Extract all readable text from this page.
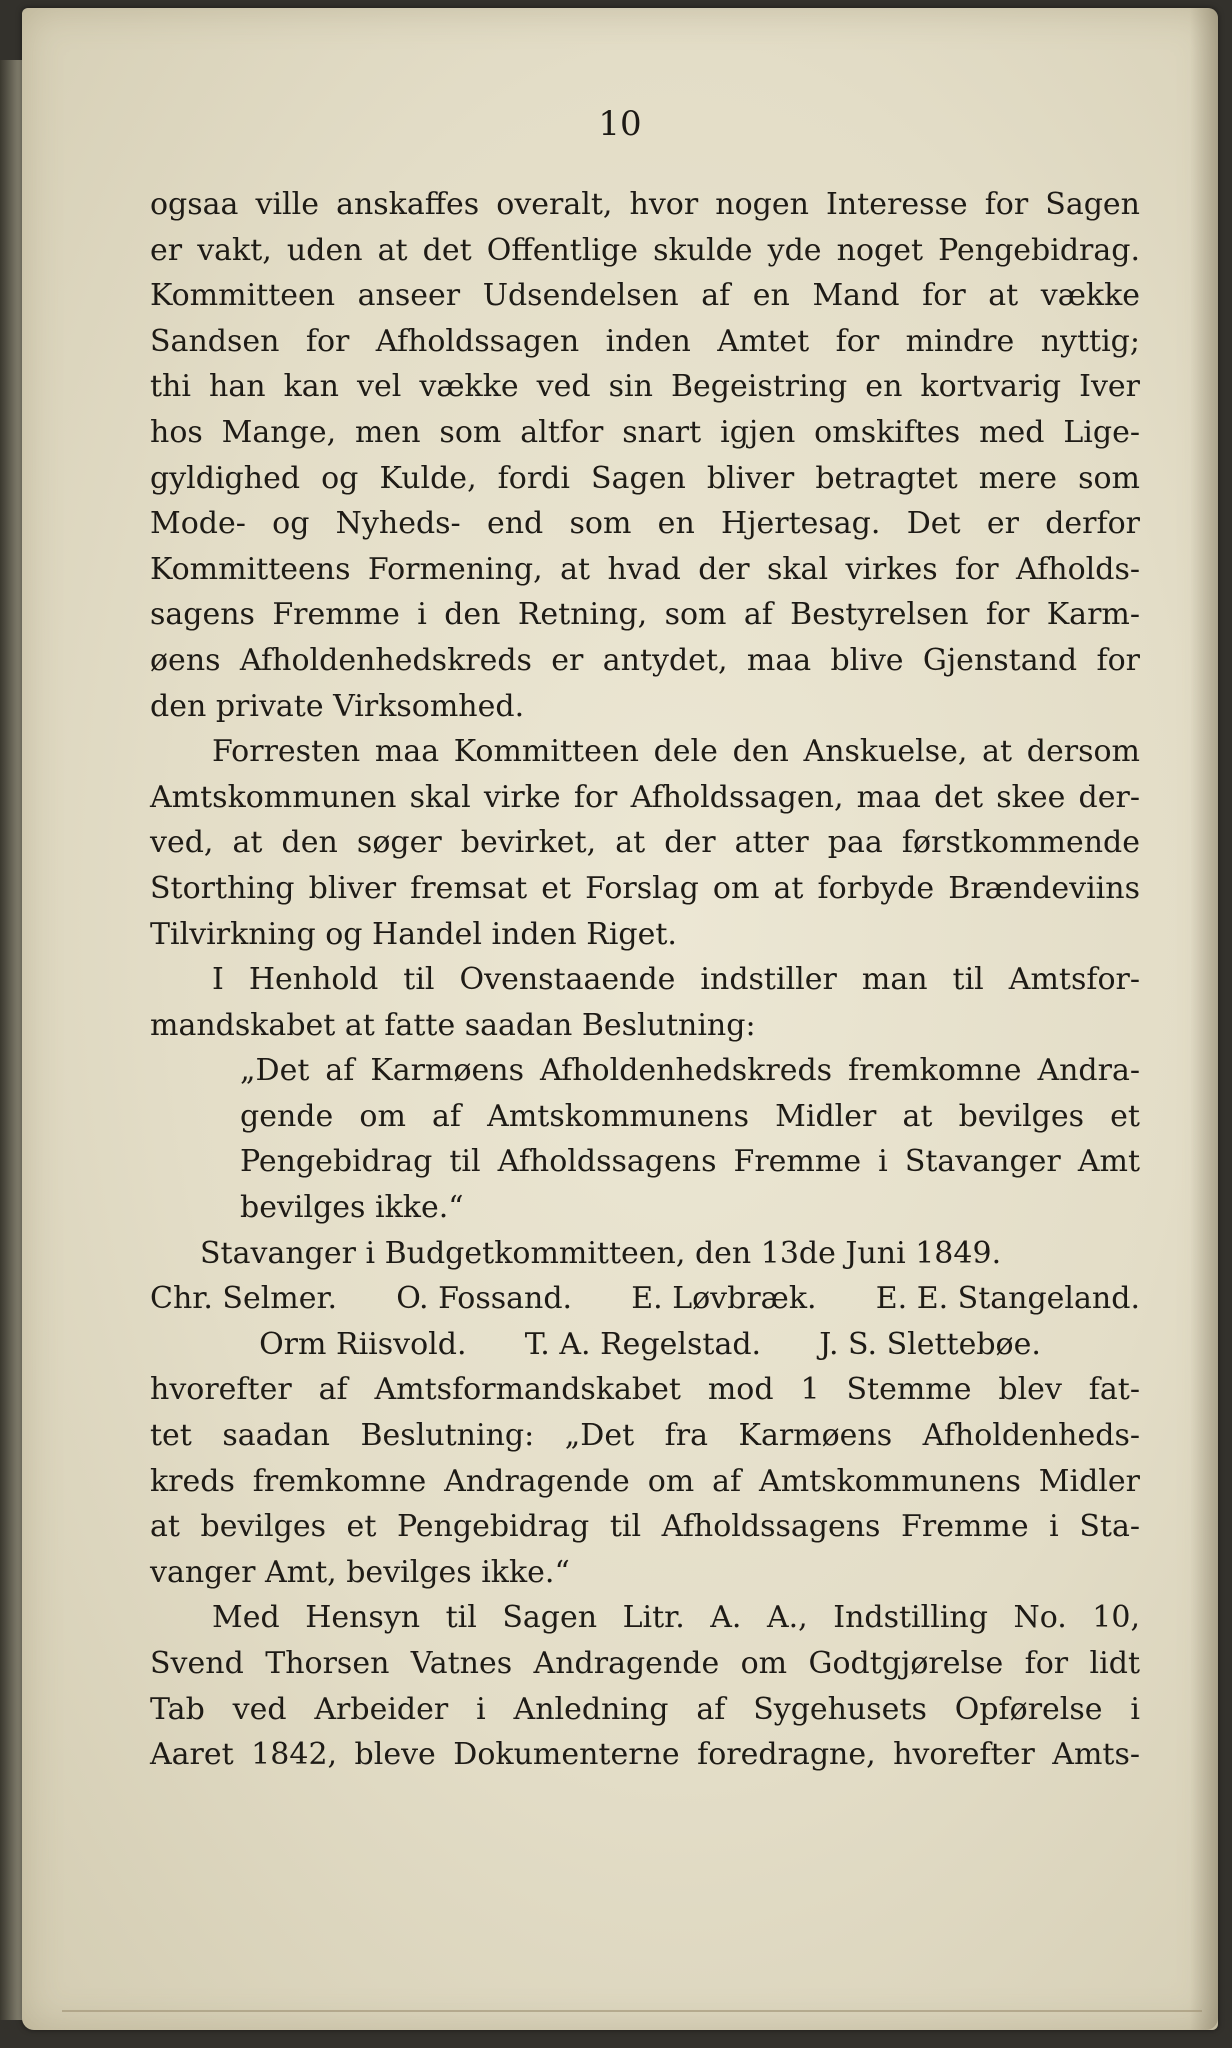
10
ogsaa ville anskaffes overalt, hvor nogen Interesse for Sagen
er vakt, uden at det Offentlige skulde yde noget Pengebidrag.
Kommitteen anseer Udsendelsen af en Mand for at vække
Sandsen for Afholdssagen inden Amtet for mindre nyttig;
thi han kan vel vække ved sin Begeistring en kortvarig Iver
hos Mange, men som altfor snart igjen omskiftes med Lige-
gyldighed og Kulde, fordi Sagen bliver betragtet mere som
Mode- og Nyheds- end som en Hjertesag. Det er derfor
Kommitteens Formening, at hvad der skal virkes for Afholds-
sagens Fremme i den Retning, som af Bestyrelsen for Karm-
øens Afholdenhedskreds er antydet, maa blive Gjenstand for
den private Virksomhed.
Forresten maa Kommitteen dele den Anskuelse, at dersom
Amtskommunen skal virke for Afholdssagen, maa det skee der-
ved, at den søger bevirket, at der atter paa førstkommende
Storthing bliver fremsat et Forslag om at forbyde Brændeviins
Tilvirkning og Handel inden Riget.
I Henhold til Ovenstaaende indstiller man til Amtsfor-
mandskabet at fatte saadan Beslutning:
„Det af Karmøens Afholdenhedskreds fremkomne Andra-
gende om af Amtskommunens Midler at bevilges et
Pengebidrag til Afholdssagens Fremme i Stavanger Amt
bevilges ikke.“
Stavanger i Budgetkommitteen, den 13de Juni 1849.
Chr. Selmer. O. Fossand. E. Løvbræk. E. E. Stangeland.
Orm Riisvold. T. A. Regelstad. J. S. Slettebøe.
hvorefter af Amtsformandskabet mod 1 Stemme blev fat-
tet saadan Beslutning: „Det fra Karmøens Afholdenheds-
kreds fremkomne Andragende om af Amtskommunens Midler
at bevilges et Pengebidrag til Afholdssagens Fremme i Sta-
vanger Amt, bevilges ikke.“
Med Hensyn til Sagen Litr. A. A., Indstilling No. 10,
Svend Thorsen Vatnes Andragende om Godtgjørelse for lidt
Tab ved Arbeider i Anledning af Sygehusets Opførelse i
Aaret 1842, bleve Dokumenterne foredragne, hvorefter Amts-
